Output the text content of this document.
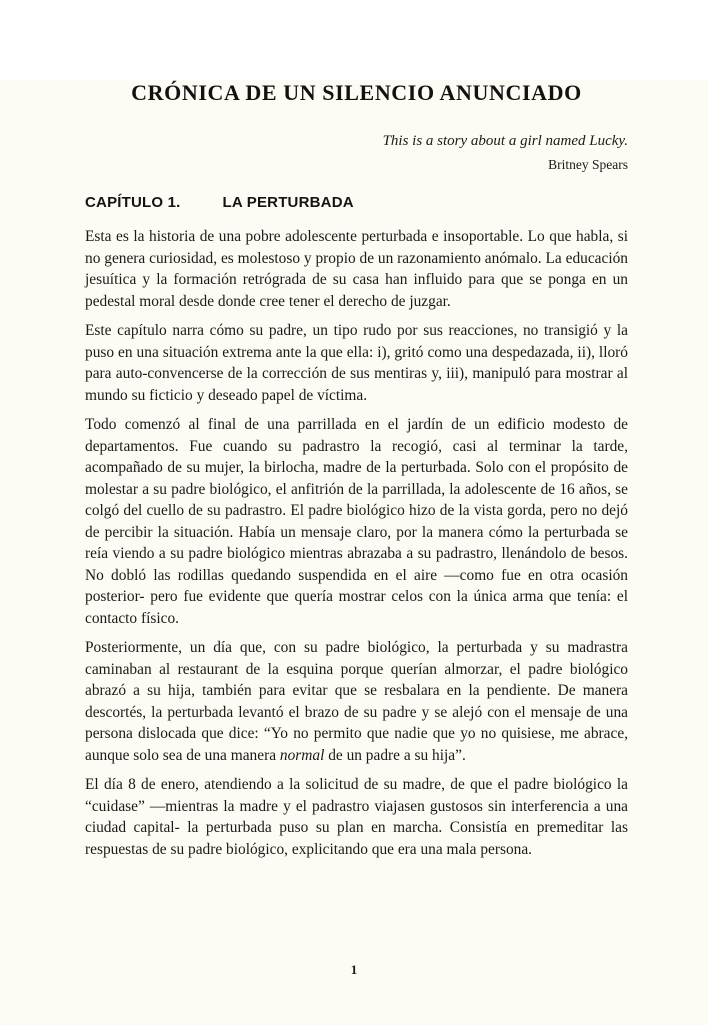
CRÓNICA DE UN SILENCIO ANUNCIADO
This is a story about a girl named Lucky.
Britney Spears
CAPÍTULO 1.	LA PERTURBADA

Esta es la historia de una pobre adolescente perturbada e insoportable. Lo que habla, si no genera curiosidad, es molestoso y propio de un razonamiento anómalo. La educación jesuítica y la formación retrógrada de su casa han influido para que se ponga en un pedestal moral desde donde cree tener el derecho de juzgar.

Este capítulo narra cómo su padre, un tipo rudo por sus reacciones, no transigió y la puso en una situación extrema ante la que ella: i), gritó como una despedazada, ii), lloró para auto-convencerse de la corrección de sus mentiras y, iii), manipuló para mostrar al mundo su ficticio y deseado papel de víctima.

Todo comenzó al final de una parrillada en el jardín de un edificio modesto de departamentos. Fue cuando su padrastro la recogió, casi al terminar la tarde, acompañado de su mujer, la birlocha, madre de la perturbada. Solo con el propósito de molestar a su padre biológico, el anfitrión de la parrillada, la adolescente de 16 años, se colgó del cuello de su padrastro. El padre biológico hizo de la vista gorda, pero no dejó de percibir la situación. Había un mensaje claro, por la manera cómo la perturbada se reía viendo a su padre biológico mientras abrazaba a su padrastro, llenándolo de besos. No dobló las rodillas quedando suspendida en el aire —como fue en otra ocasión posterior- pero fue evidente que quería mostrar celos con la única arma que tenía: el contacto físico.

Posteriormente, un día que, con su padre biológico, la perturbada y su madrastra caminaban al restaurant de la esquina porque querían almorzar, el padre biológico abrazó a su hija, también para evitar que se resbalara en la pendiente. De manera descortés, la perturbada levantó el brazo de su padre y se alejó con el mensaje de una persona dislocada que dice: “Yo no permito que nadie que yo no quisiese, me abrace, aunque solo sea de una manera normal de un padre a su hija”.

El día 8 de enero, atendiendo a la solicitud de su madre, de que el padre biológico la “cuidase” —mientras la madre y el padrastro viajasen gustosos sin interferencia a una ciudad capital- la perturbada puso su plan en marcha. Consistía en premeditar las respuestas de su padre biológico, explicitando que era una mala persona.

1
